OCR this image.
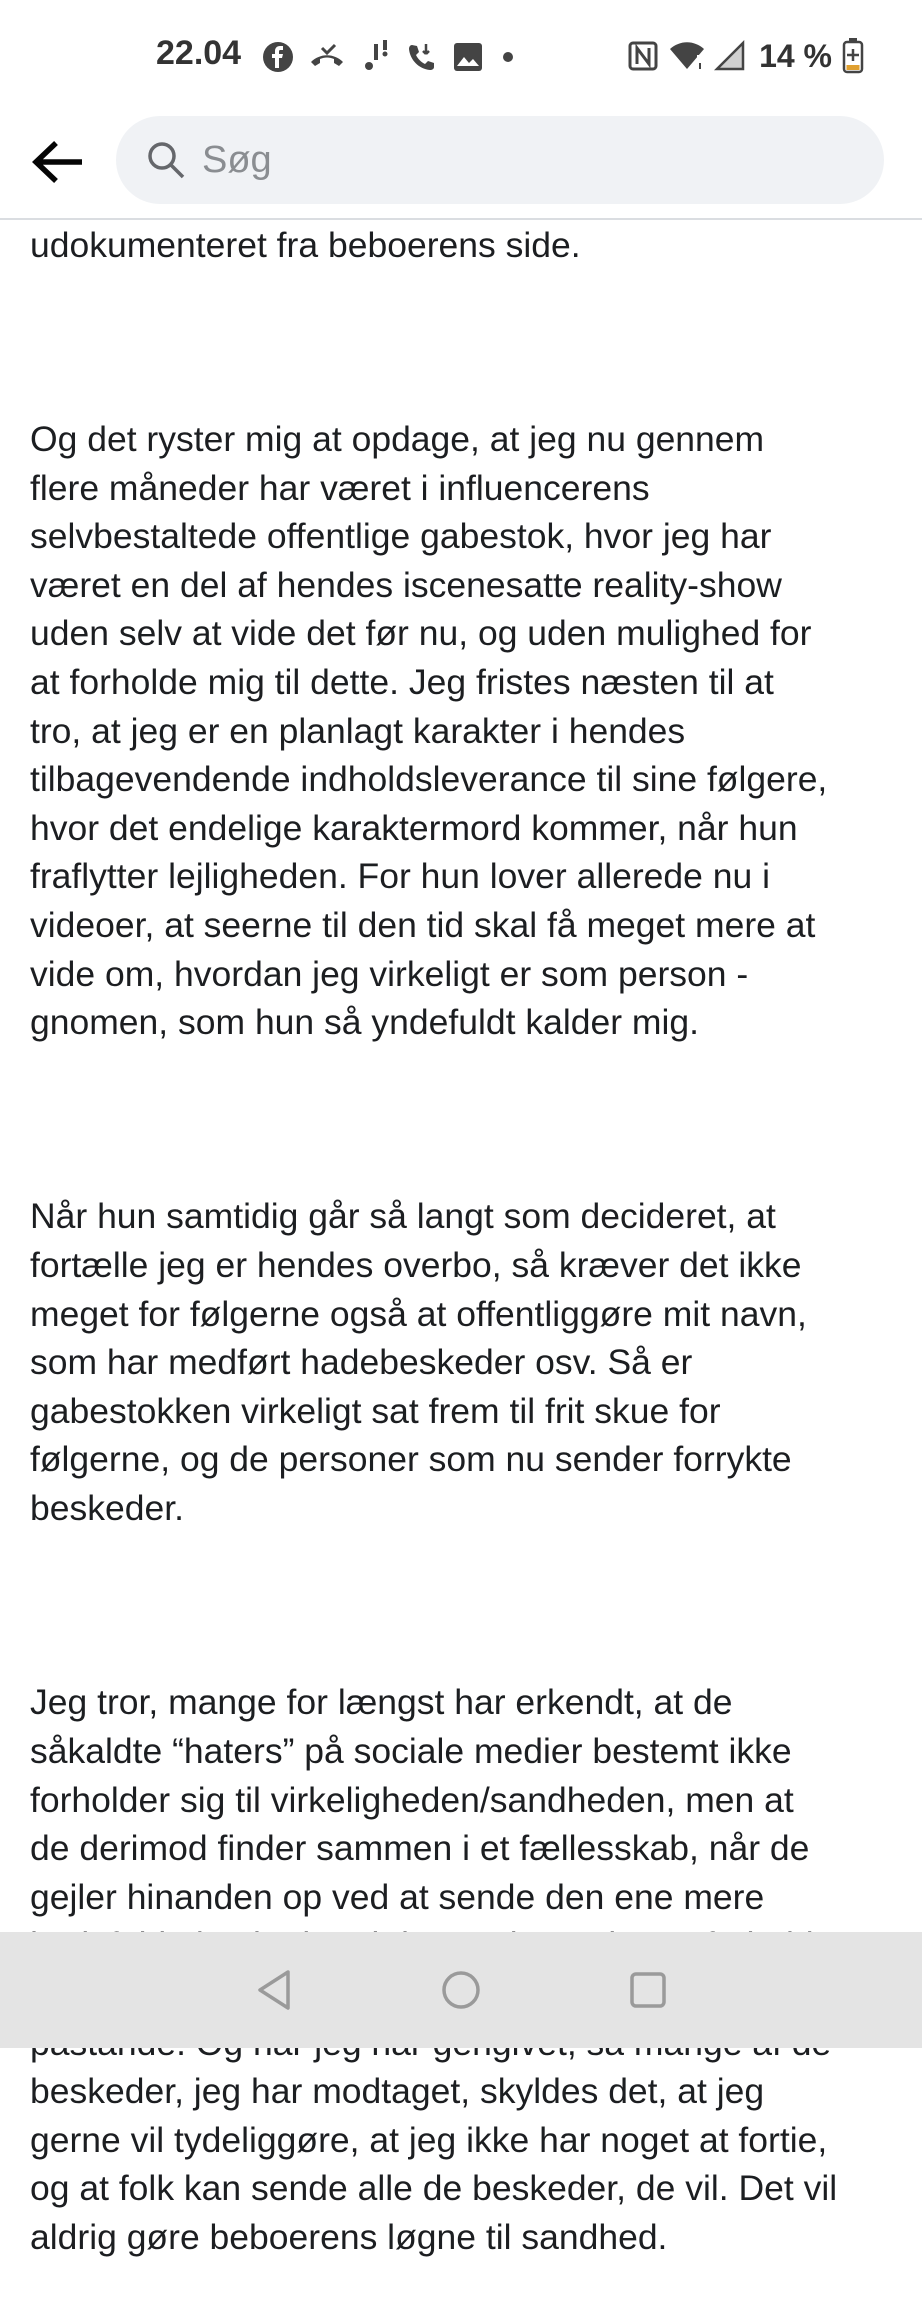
22.04	14 %
Søg

udokumenteret fra beboerens side.

Og det ryster mig at opdage, at jeg nu gennem
flere måneder har været i influencerens
selvbestaltede offentlige gabestok, hvor jeg har
været en del af hendes iscenesatte reality-show
uden selv at vide det før nu, og uden mulighed for
at forholde mig til dette. Jeg fristes næsten til at
tro, at jeg er en planlagt karakter i hendes
tilbagevendende indholdsleverance til sine følgere,
hvor det endelige karaktermord kommer, når hun
fraflytter lejligheden. For hun lover allerede nu i
videoer, at seerne til den tid skal få meget mere at
vide om, hvordan jeg virkeligt er som person -
gnomen, som hun så yndefuldt kalder mig.

Når hun samtidig går så langt som decideret, at
fortælle jeg er hendes overbo, så kræver det ikke
meget for følgerne også at offentliggøre mit navn,
som har medført hadebeskeder osv. Så er
gabestokken virkeligt sat frem til frit skue for
følgerne, og de personer som nu sender forrykte
beskeder.

Jeg tror, mange for længst har erkendt, at de
såkaldte “haters” på sociale medier bestemt ikke
forholder sig til virkeligheden/sandheden, men at
de derimod finder sammen i et fællesskab, når de
gejler hinanden op ved at sende den ene mere

beskeder, jeg har modtaget, skyldes det, at jeg
gerne vil tydeliggøre, at jeg ikke har noget at fortie,
og at folk kan sende alle de beskeder, de vil. Det vil
aldrig gøre beboerens løgne til sandhed.
